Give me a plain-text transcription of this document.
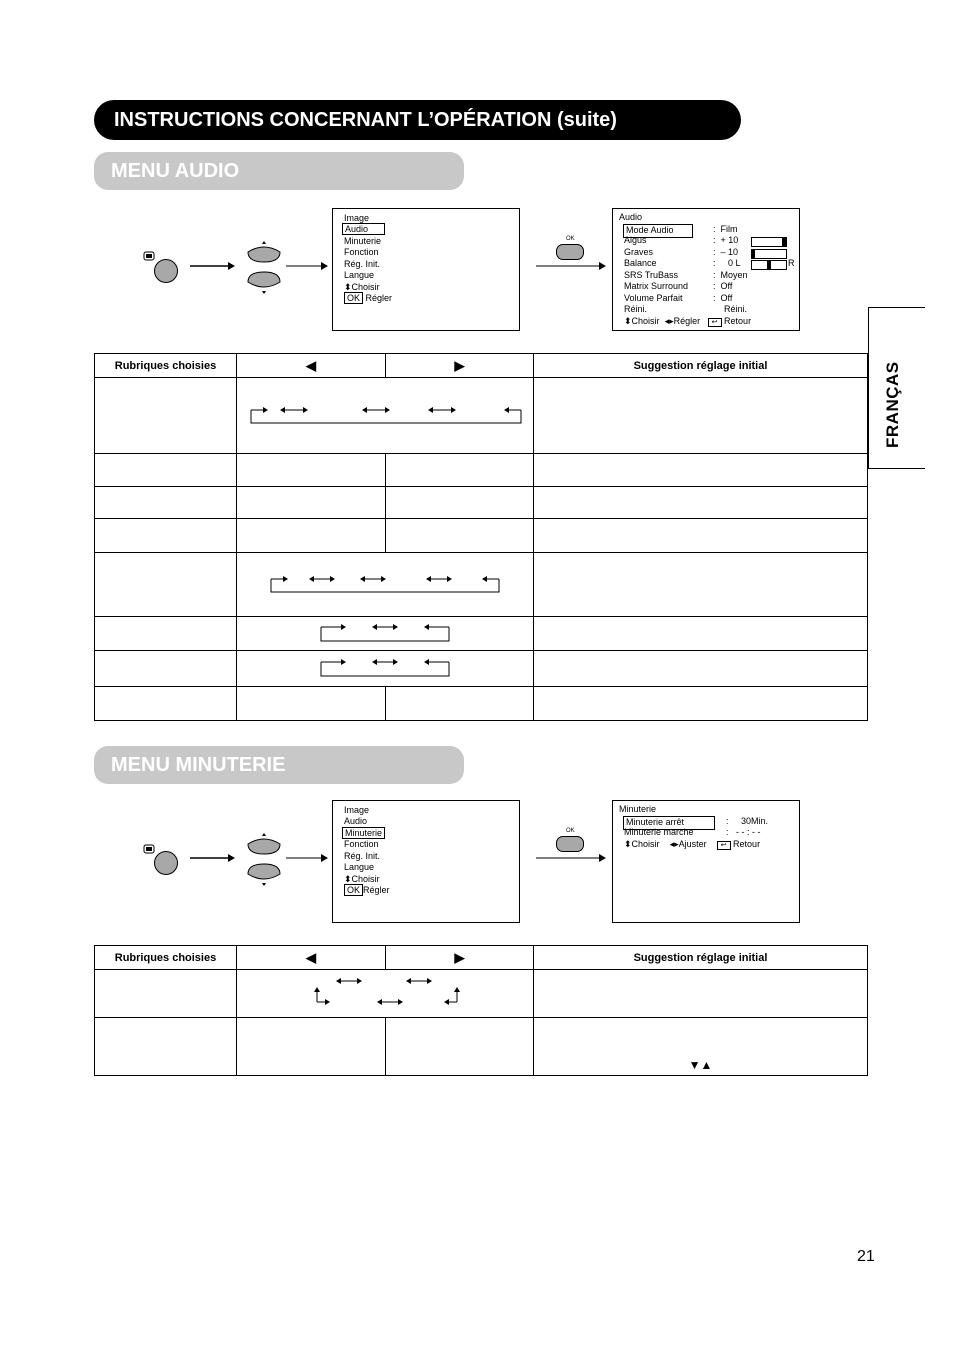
INSTRUCTIONS CONCERNANT L’OPÉRATION (suite)
MENU AUDIO
FRANÇAS
Image
Audio
Minuterie
Fonction
Rég. Init.
Langue
⬍Choisir
OK Régler
OK
Audio
Mode Audio	:  Film
Aigus	:  + 10
Graves	:  – 10
Balance	:     0 L	R
SRS TruBass	:  Moyen
Matrix Surround	:  Off
Volume Parfait	:  Off
Réini.	Réini.
⬍Choisir ◂▸Régler ↩ Retour
Rubriques choisies	◀	▶	Suggestion réglage initial

MENU MINUTERIE
Image
Audio
Minuterie
Fonction
Rég. Init.
Langue
⬍Choisir
OK Régler
OK
Minuterie
Minuterie arrêt	:     30Min.
Minuterie marche	:   - - : - -
⬍Choisir ◂▸Ajuster ↩ Retour
Rubriques choisies	◀	▶	Suggestion réglage initial

			▼▲
21
